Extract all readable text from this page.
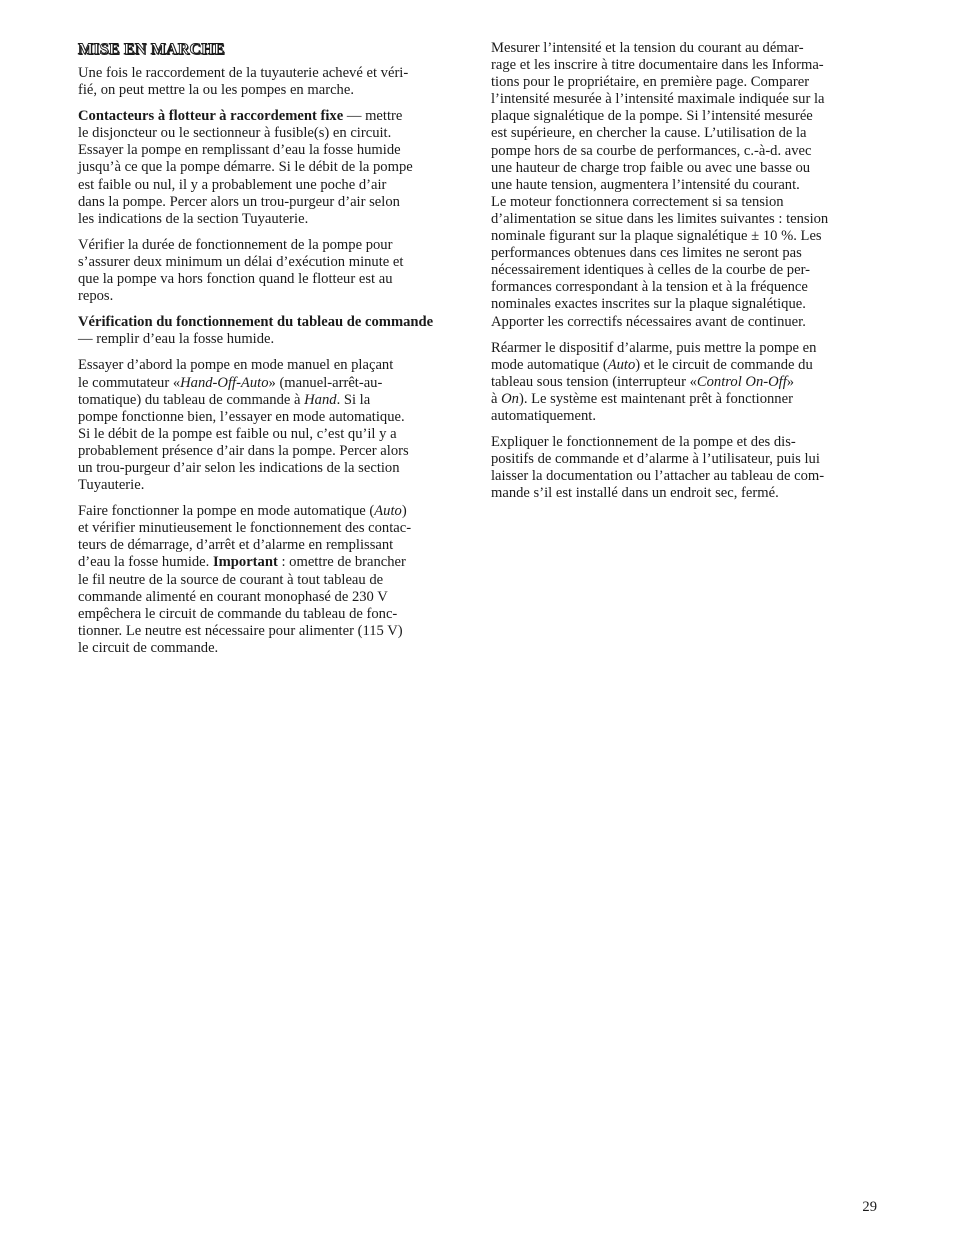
MISE EN MARCHE

Une fois le raccordement de la tuyauterie achevé et véri-
fié, on peut mettre la ou les pompes en marche.

Contacteurs à flotteur à raccordement fixe — mettre
le disjoncteur ou le sectionneur à fusible(s) en circuit.
Essayer la pompe en remplissant d’eau la fosse humide
jusqu’à ce que la pompe démarre. Si le débit de la pompe
est faible ou nul, il y a probablement une poche d’air
dans la pompe. Percer alors un trou-purgeur d’air selon
les indications de la section Tuyauterie.

Vérifier la durée de fonctionnement de la pompe pour
s’assurer deux minimum un délai d’exécution minute et
que la pompe va hors fonction quand le flotteur est au
repos.

Vérification du fonctionnement du tableau de commande
— remplir d’eau la fosse humide.

Essayer d’abord la pompe en mode manuel en plaçant
le commutateur «Hand-Off-Auto» (manuel-arrêt-au-
tomatique) du tableau de commande à Hand. Si la
pompe fonctionne bien, l’essayer en mode automatique.
Si le débit de la pompe est faible ou nul, c’est qu’il y a
probablement présence d’air dans la pompe. Percer alors
un trou-purgeur d’air selon les indications de la section
Tuyauterie.

Faire fonctionner la pompe en mode automatique (Auto)
et vérifier minutieusement le fonctionnement des contac-
teurs de démarrage, d’arrêt et d’alarme en remplissant
d’eau la fosse humide. Important : omettre de brancher
le fil neutre de la source de courant à tout tableau de
commande alimenté en courant monophasé de 230 V
empêchera le circuit de commande du tableau de fonc-
tionner. Le neutre est nécessaire pour alimenter (115 V)
le circuit de commande.

Mesurer l’intensité et la tension du courant au démar-
rage et les inscrire à titre documentaire dans les Informa-
tions pour le propriétaire, en première page. Comparer
l’intensité mesurée à l’intensité maximale indiquée sur la
plaque signalétique de la pompe. Si l’intensité mesurée
est supérieure, en chercher la cause. L’utilisation de la
pompe hors de sa courbe de performances, c.-à-d. avec
une hauteur de charge trop faible ou avec une basse ou
une haute tension, augmentera l’intensité du courant.
Le moteur fonctionnera correctement si sa tension
d’alimentation se situe dans les limites suivantes : tension
nominale figurant sur la plaque signalétique ± 10 %. Les
performances obtenues dans ces limites ne seront pas
nécessairement identiques à celles de la courbe de per-
formances correspondant à la tension et à la fréquence
nominales exactes inscrites sur la plaque signalétique.
Apporter les correctifs nécessaires avant de continuer.

Réarmer le dispositif d’alarme, puis mettre la pompe en
mode automatique (Auto) et le circuit de commande du
tableau sous tension (interrupteur «Control On-Off»
à On). Le système est maintenant prêt à fonctionner
automatiquement.

Expliquer le fonctionnement de la pompe et des dis-
positifs de commande et d’alarme à l’utilisateur, puis lui
laisser la documentation ou l’attacher au tableau de com-
mande s’il est installé dans un endroit sec, fermé.

29
